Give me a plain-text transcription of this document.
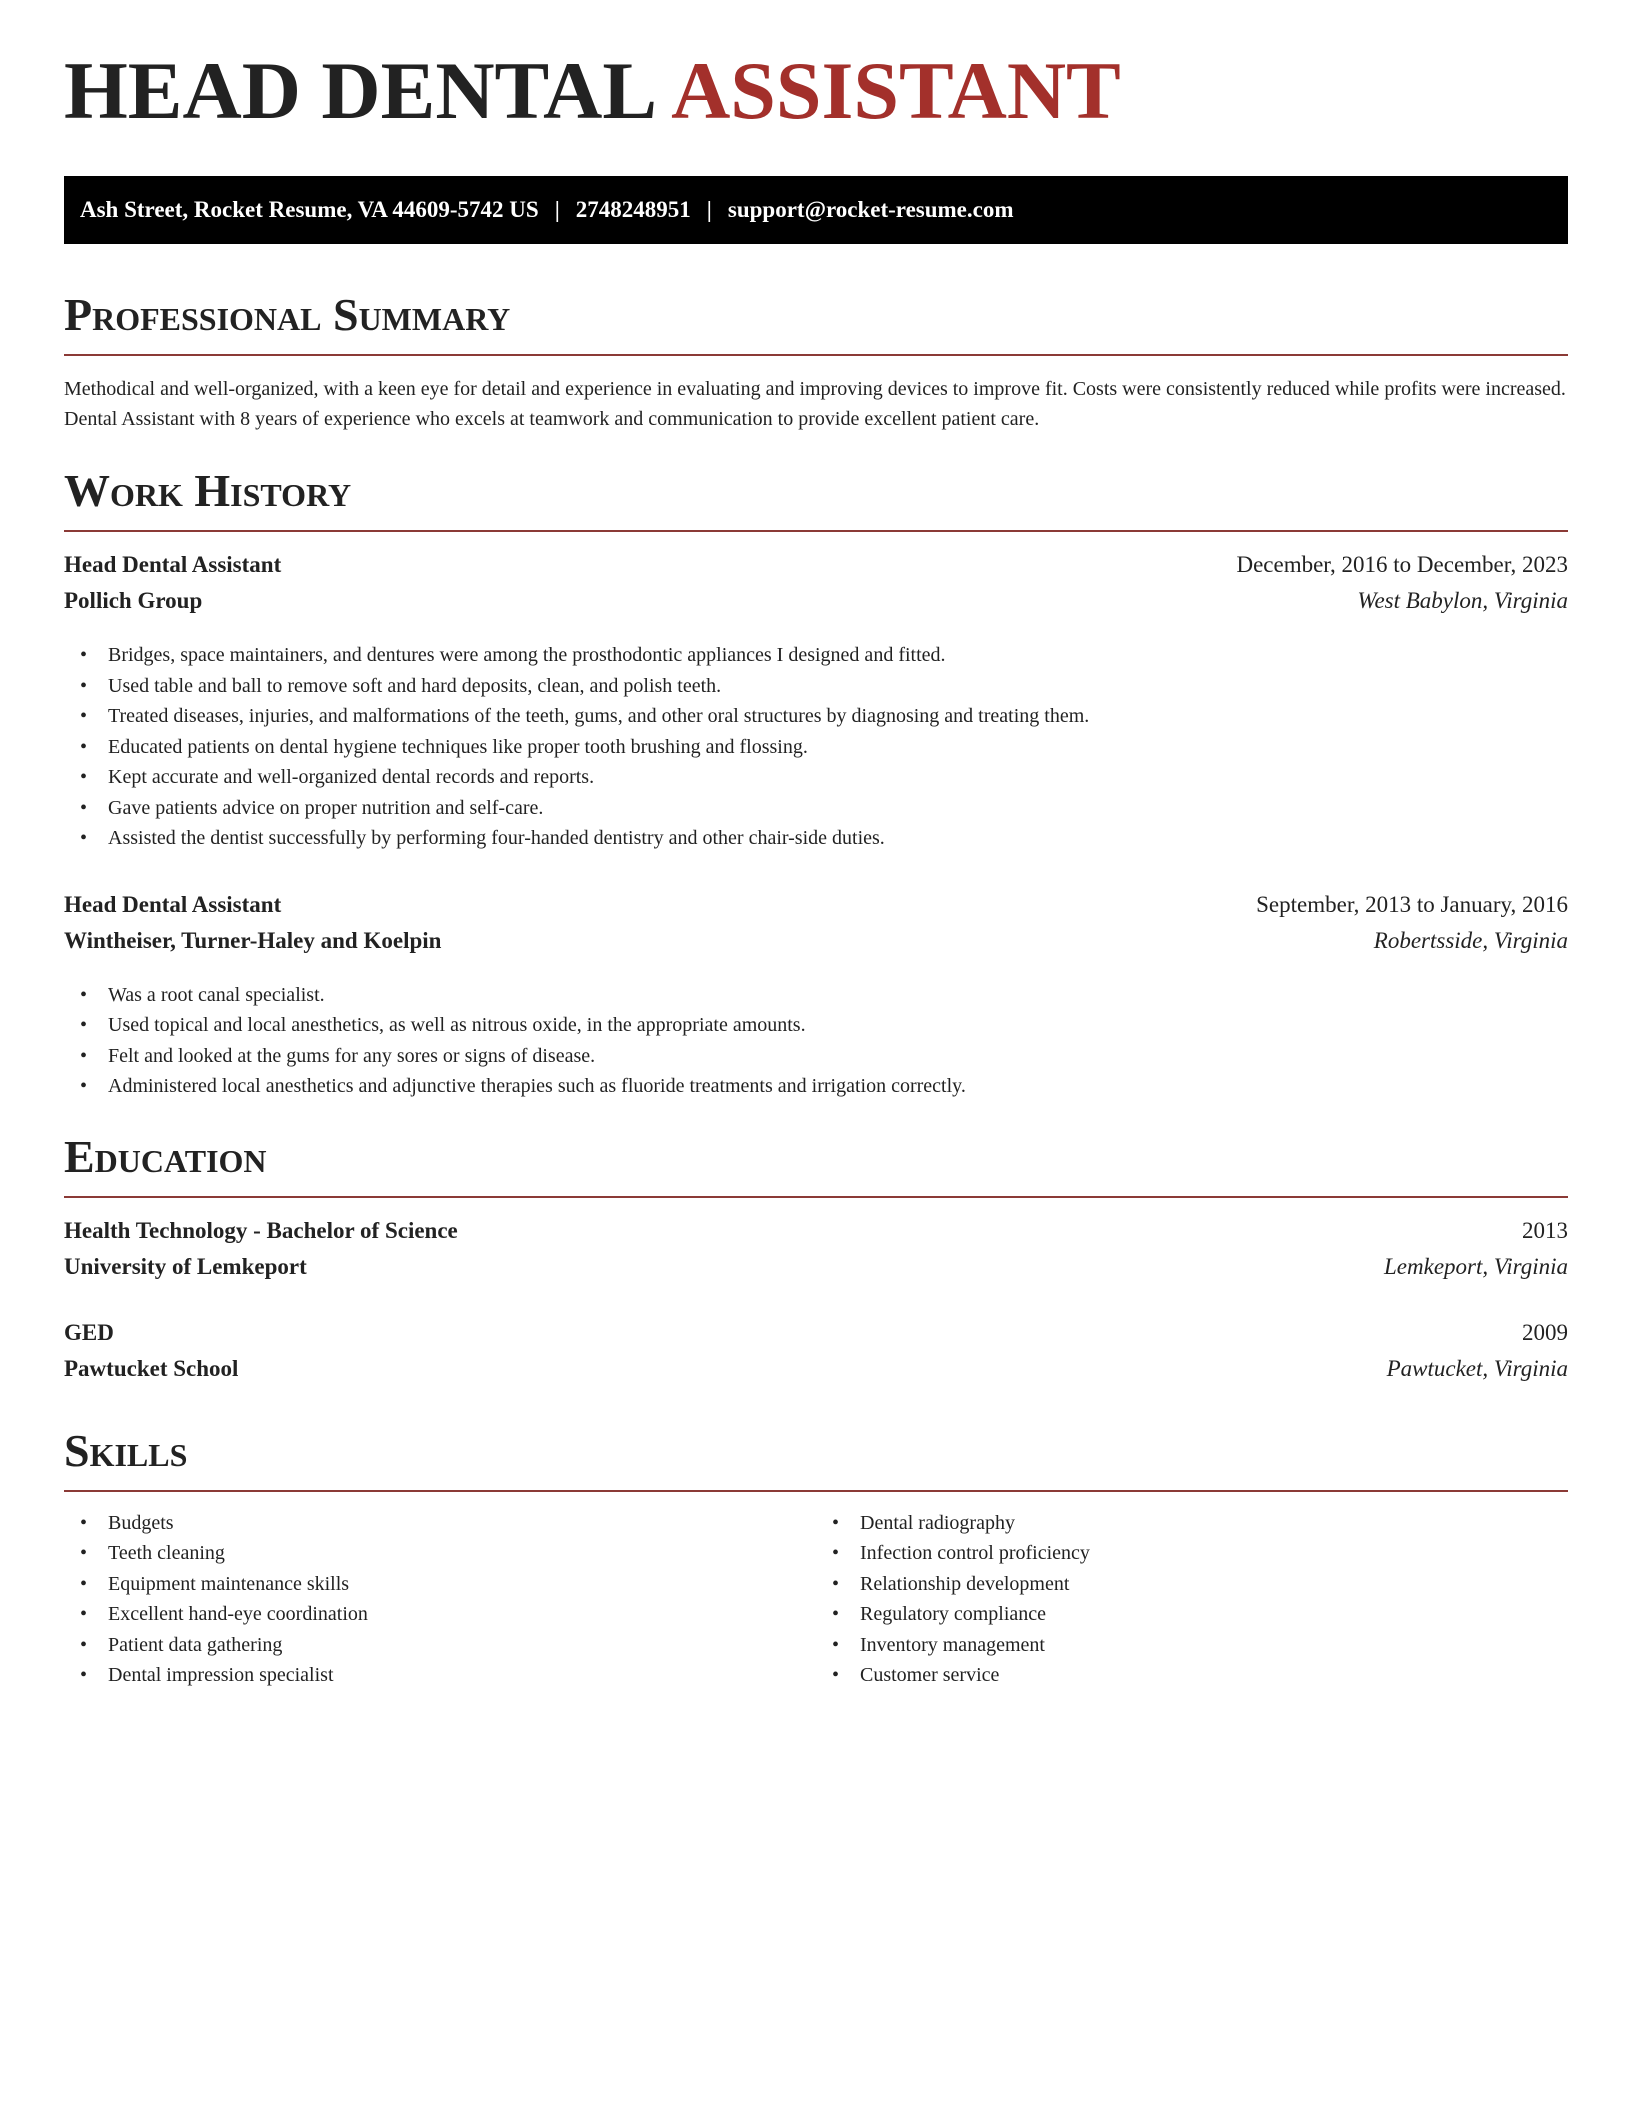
HEAD DENTAL ASSISTANT
Ash Street, Rocket Resume, VA 44609-5742 US | 2748248951 | support@rocket-resume.com
Professional Summary

Methodical and well-organized, with a keen eye for detail and experience in evaluating and improving devices to improve fit. Costs were consistently reduced while profits were increased. Dental Assistant with 8 years of experience who excels at teamwork and communication to provide excellent patient care.

Work History
Head Dental Assistant	December, 2016 to December, 2023
Pollich Group	West Babylon, Virginia
• Bridges, space maintainers, and dentures were among the prosthodontic appliances I designed and fitted.
• Used table and ball to remove soft and hard deposits, clean, and polish teeth.
• Treated diseases, injuries, and malformations of the teeth, gums, and other oral structures by diagnosing and treating them.
• Educated patients on dental hygiene techniques like proper tooth brushing and flossing.
• Kept accurate and well-organized dental records and reports.
• Gave patients advice on proper nutrition and self-care.
• Assisted the dentist successfully by performing four-handed dentistry and other chair-side duties.
Head Dental Assistant	September, 2013 to January, 2016
Wintheiser, Turner-Haley and Koelpin	Robertsside, Virginia
• Was a root canal specialist.
• Used topical and local anesthetics, as well as nitrous oxide, in the appropriate amounts.
• Felt and looked at the gums for any sores or signs of disease.
• Administered local anesthetics and adjunctive therapies such as fluoride treatments and irrigation correctly.
Education
Health Technology - Bachelor of Science	2013
University of Lemkeport	Lemkeport, Virginia
GED	2009
Pawtucket School	Pawtucket, Virginia
Skills
• Budgets
• Teeth cleaning
• Equipment maintenance skills
• Excellent hand-eye coordination
• Patient data gathering
• Dental impression specialist
• Dental radiography
• Infection control proficiency
• Relationship development
• Regulatory compliance
• Inventory management
• Customer service
